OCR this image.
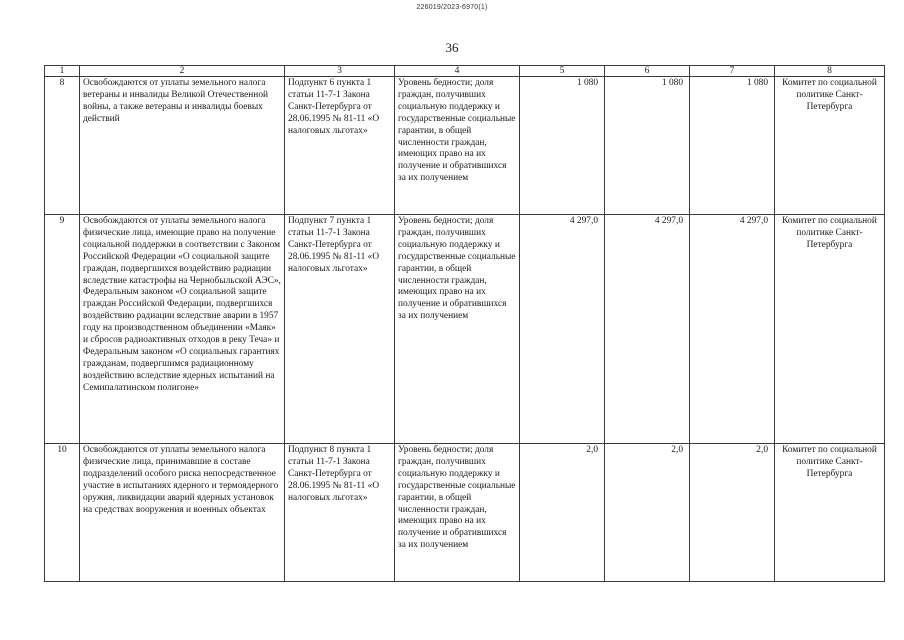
226019/2023-6970(1)
36
1	2	3	4	5	6	7	8
8	Освобождаются от уплаты земельного налога ветераны и инвалиды Великой Отечественной войны, а также ветераны и инвалиды боевых действий	Подпункт 6 пункта 1 статьи 11-7-1 Закона Санкт-Петербурга от 28.06.1995 № 81-11 «О налоговых льготах»	Уровень бедности; доля граждан, получивших социальную поддержку и государственные социальные гарантии, в общей численности граждан, имеющих право на их получение и обратившихся за их получением	1 080	1 080	1 080	Комитет по социальной политике Санкт-Петербурга
9	Освобождаются от уплаты земельного налога физические лица, имеющие право на получение социальной поддержки в соответствии с Законом Российской Федерации «О социальной защите граждан, подвергшихся воздействию радиации вследствие катастрофы на Чернобыльской АЭС», Федеральным законом «О социальной защите граждан Российской Федерации, подвергшихся воздействию радиации вследствие аварии в 1957 году на производственном объединении «Маяк» и сбросов радиоактивных отходов в реку Теча» и Федеральным законом «О социальных гарантиях гражданам, подвергшимся радиационному воздействию вследствие ядерных испытаний на Семипалатинском полигоне»	Подпункт 7 пункта 1 статьи 11-7-1 Закона Санкт-Петербурга от 28.06.1995 № 81-11 «О налоговых льготах»	Уровень бедности; доля граждан, получивших социальную поддержку и государственные социальные гарантии, в общей численности граждан, имеющих право на их получение и обратившихся за их получением	4 297,0	4 297,0	4 297,0	Комитет по социальной политике Санкт-Петербурга
10	Освобождаются от уплаты земельного налога физические лица, принимавшие в составе подразделений особого риска непосредственное участие в испытаниях ядерного и термоядерного оружия, ликвидации аварий ядерных установок на средствах вооружения и военных объектах	Подпункт 8 пункта 1 статьи 11-7-1 Закона Санкт-Петербурга от 28.06.1995 № 81-11 «О налоговых льготах»	Уровень бедности; доля граждан, получивших социальную поддержку и государственные социальные гарантии, в общей численности граждан, имеющих право на их получение и обратившихся за их получением	2,0	2,0	2,0	Комитет по социальной политике Санкт-Петербурга
